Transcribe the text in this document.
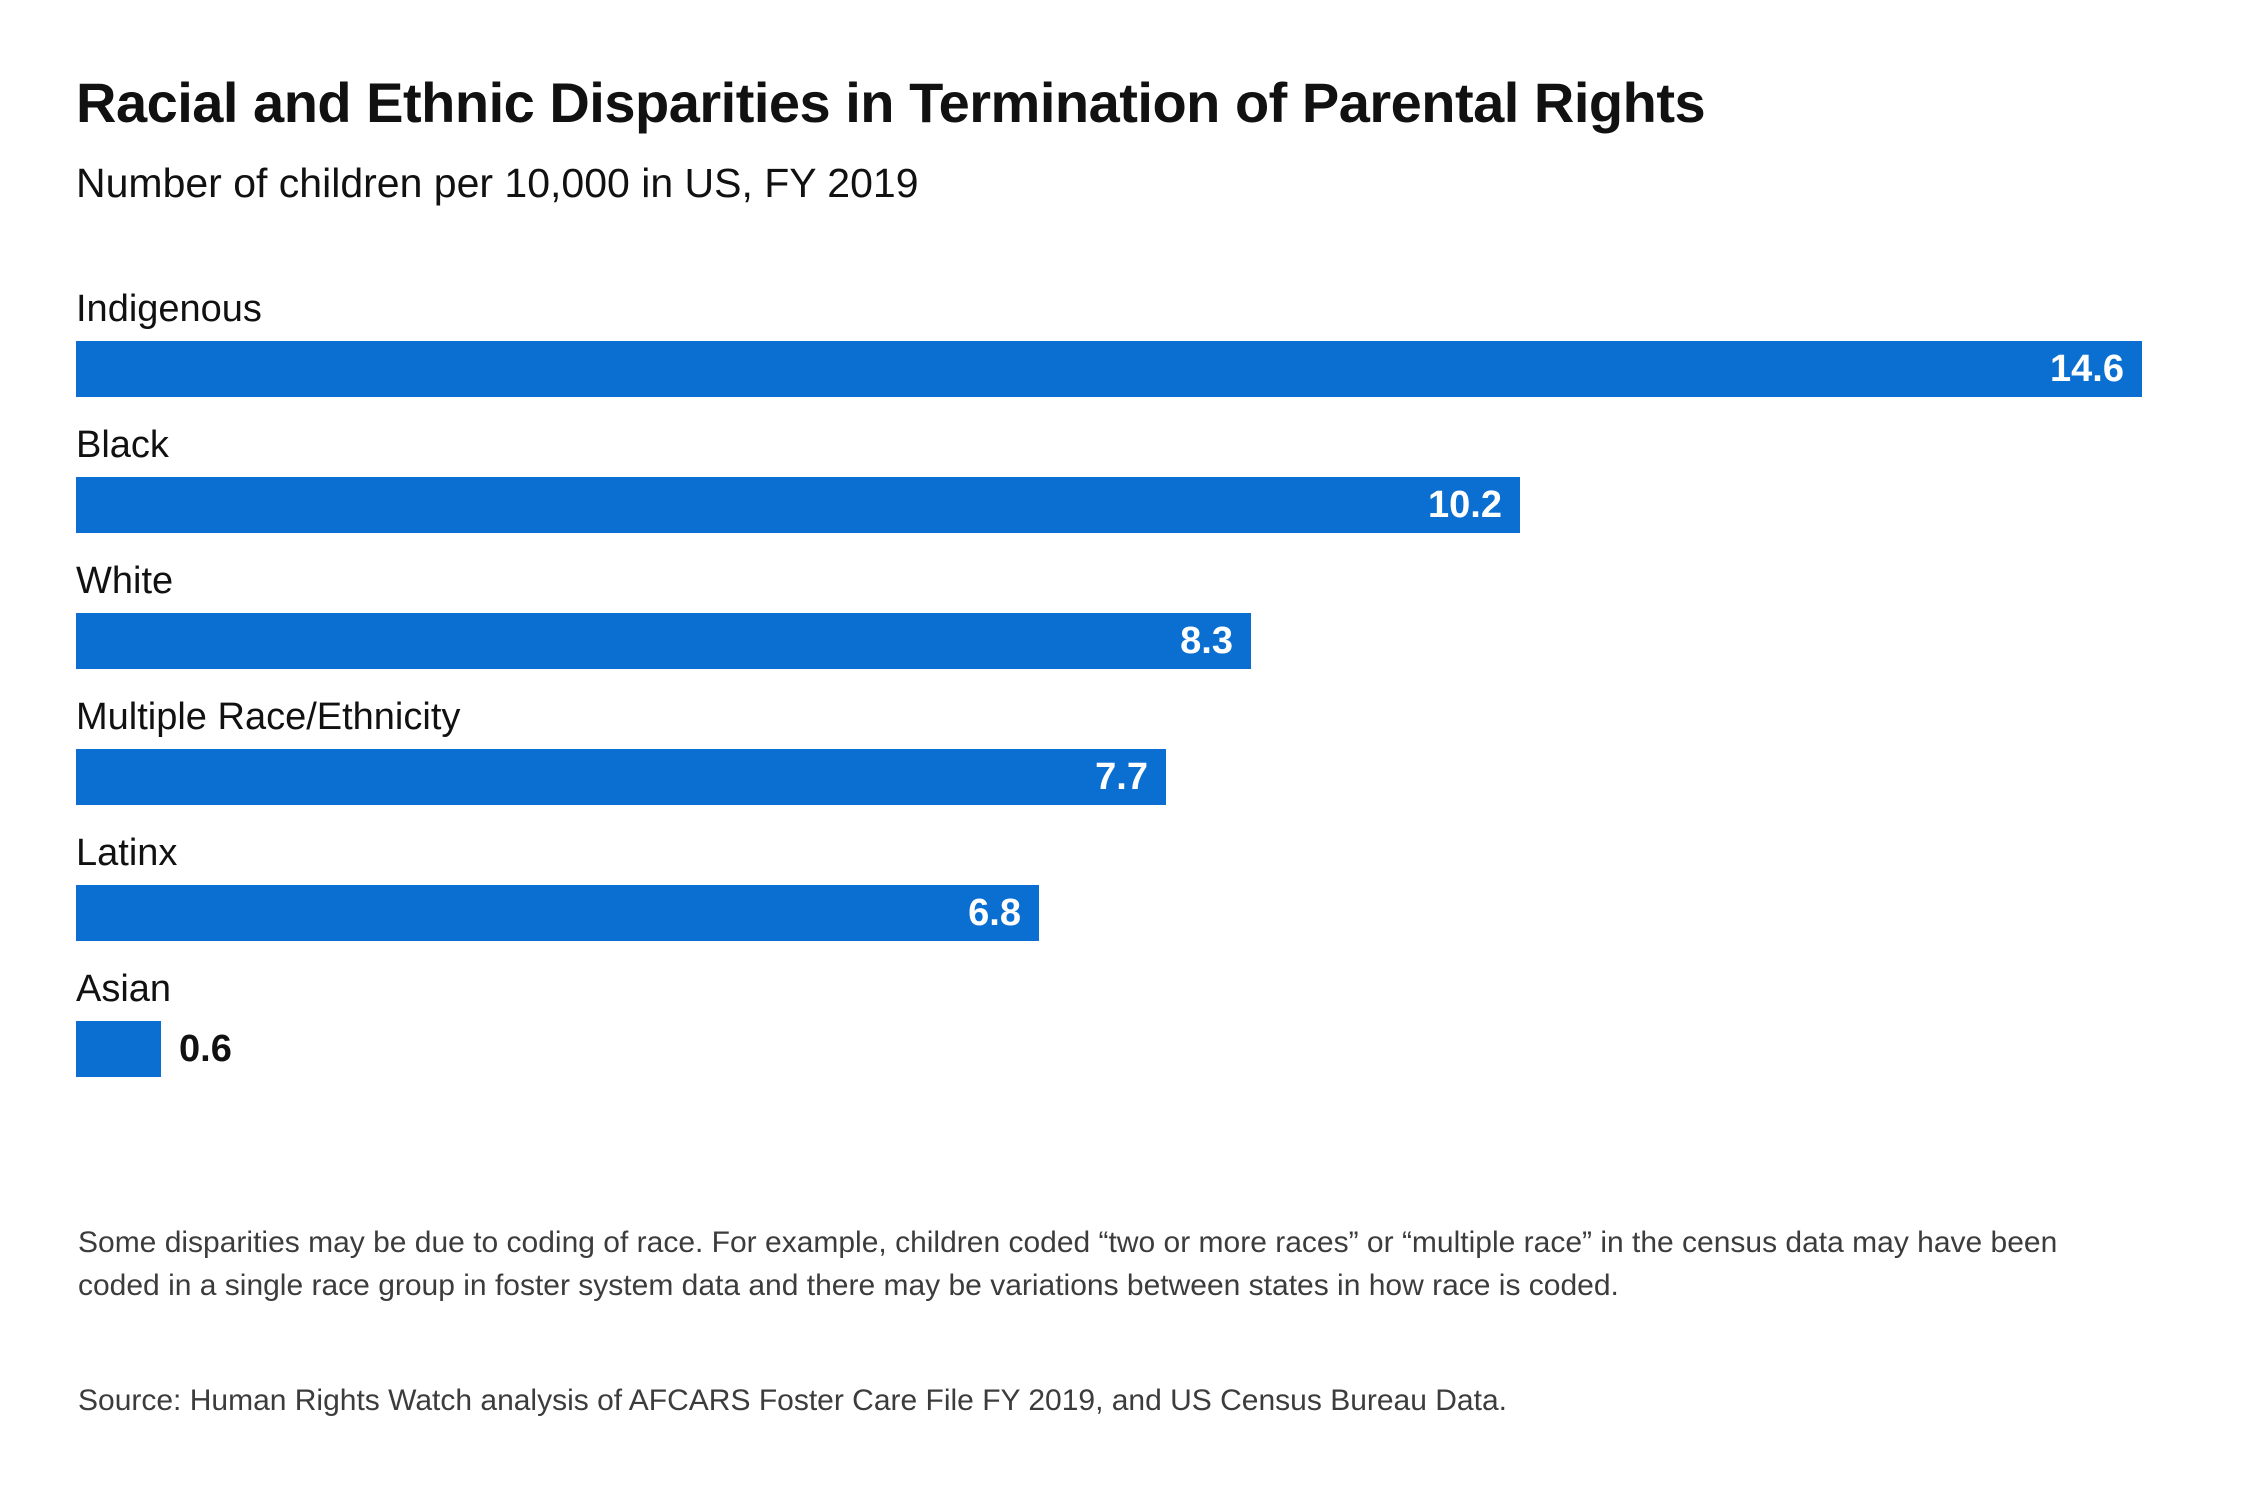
Racial and Ethnic Disparities in Termination of Parental Rights
Number of children per 10,000 in US, FY 2019
Indigenous
14.6
Black
10.2
White
8.3
Multiple Race/Ethnicity
7.7
Latinx
6.8
Asian
0.6
Some disparities may be due to coding of race. For example, children coded “two or more races” or “multiple race” in the census data may have been coded in a single race group in foster system data and there may be variations between states in how race is coded.
Source: Human Rights Watch analysis of AFCARS Foster Care File FY 2019, and US Census Bureau Data.
